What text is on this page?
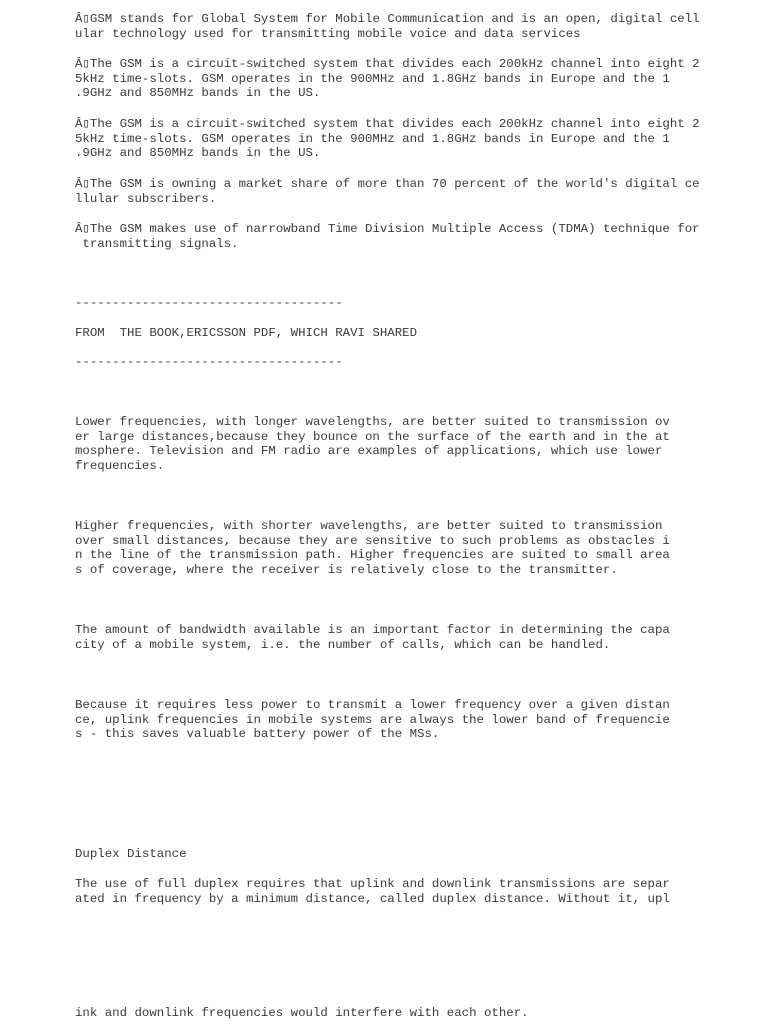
Â▯GSM stands for Global System for Mobile Communication and is an open, digital cell
ular technology used for transmitting mobile voice and data services

Â▯The GSM is a circuit-switched system that divides each 200kHz channel into eight 2
5kHz time-slots. GSM operates in the 900MHz and 1.8GHz bands in Europe and the 1
.9GHz and 850MHz bands in the US.

Â▯The GSM is a circuit-switched system that divides each 200kHz channel into eight 2
5kHz time-slots. GSM operates in the 900MHz and 1.8GHz bands in Europe and the 1
.9GHz and 850MHz bands in the US.

Â▯The GSM is owning a market share of more than 70 percent of the world's digital ce
llular subscribers.

Â▯The GSM makes use of narrowband Time Division Multiple Access (TDMA) technique for
transmitting signals.

------------------------------------

FROM  THE BOOK,ERICSSON PDF, WHICH RAVI SHARED

------------------------------------

Lower frequencies, with longer wavelengths, are better suited to transmission ov
er large distances,because they bounce on the surface of the earth and in the at
mosphere. Television and FM radio are examples of applications, which use lower
frequencies.

Higher frequencies, with shorter wavelengths, are better suited to transmission
over small distances, because they are sensitive to such problems as obstacles i
n the line of the transmission path. Higher frequencies are suited to small area
s of coverage, where the receiver is relatively close to the transmitter.

The amount of bandwidth available is an important factor in determining the capa
city of a mobile system, i.e. the number of calls, which can be handled.

Because it requires less power to transmit a lower frequency over a given distan
ce, uplink frequencies in mobile systems are always the lower band of frequencie
s - this saves valuable battery power of the MSs.

Duplex Distance

The use of full duplex requires that uplink and downlink transmissions are separ
ated in frequency by a minimum distance, called duplex distance. Without it, upl

ink and downlink frequencies would interfere with each other.
